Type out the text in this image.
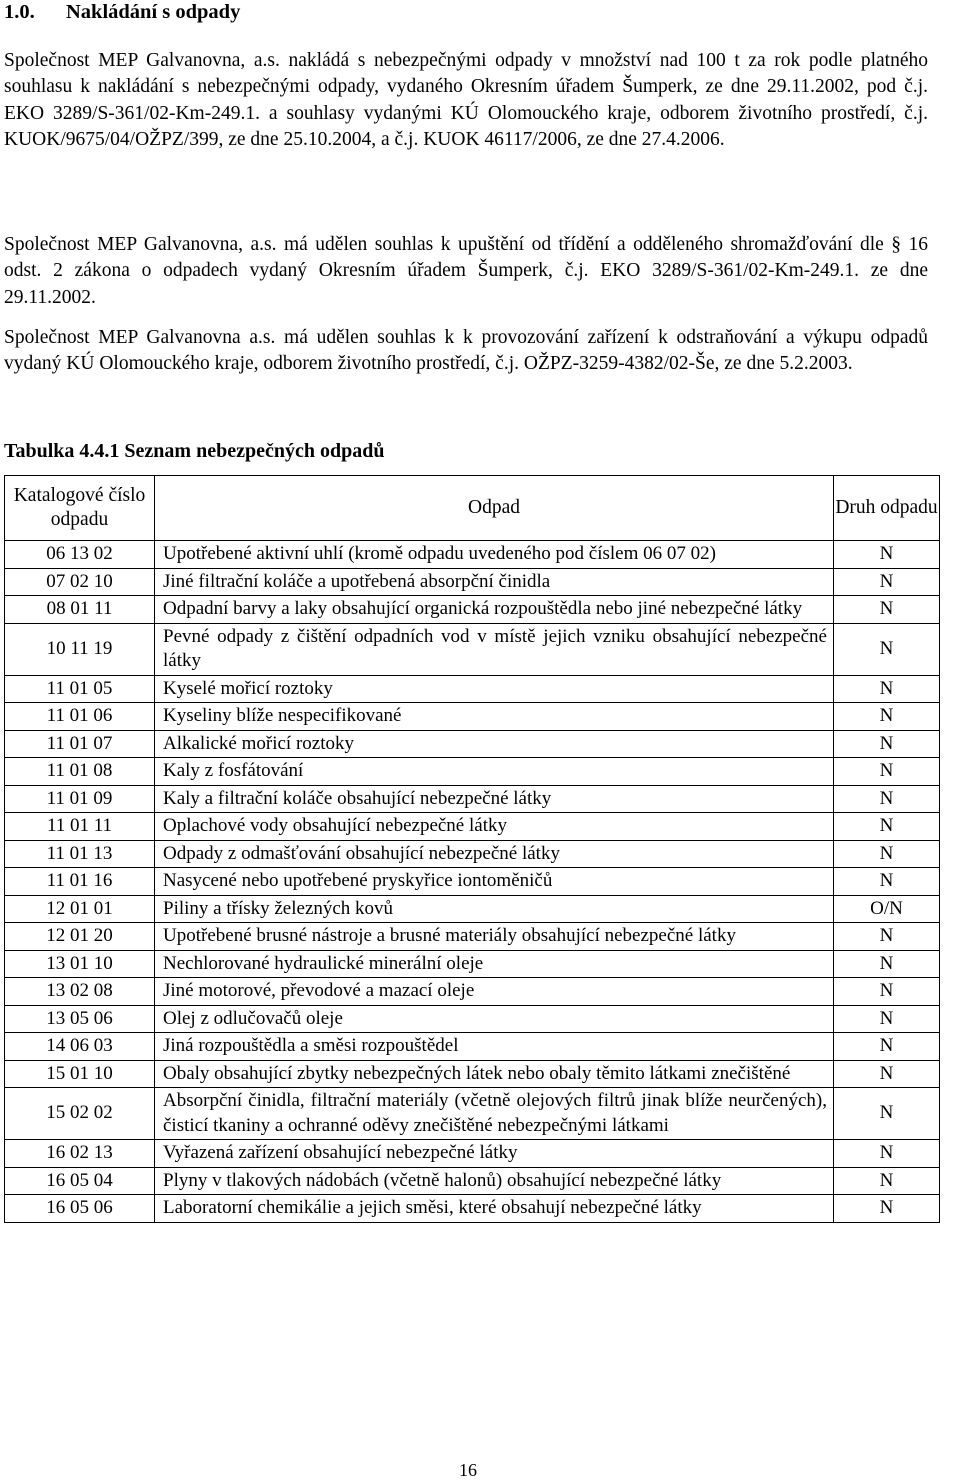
1.0. Nakládání s odpady

Společnost MEP Galvanovna, a.s. nakládá s nebezpečnými odpady v množství nad 100 t za rok podle platného souhlasu k nakládání s nebezpečnými odpady, vydaného Okresním úřadem Šumperk, ze dne 29.11.2002, pod č.j. EKO 3289/S-361/02-Km-249.1. a souhlasy vydanými KÚ Olomouckého kraje, odborem životního prostředí, č.j. KUOK/9675/04/OŽPZ/399, ze dne 25.10.2004, a č.j. KUOK 46117/2006, ze dne 27.4.2006.

Společnost MEP Galvanovna, a.s. má udělen souhlas k upuštění od třídění a odděleného shromažďování dle § 16 odst. 2 zákona o odpadech vydaný Okresním úřadem Šumperk, č.j. EKO 3289/S-361/02-Km-249.1. ze dne 29.11.2002.

Společnost MEP Galvanovna a.s. má udělen souhlas k k provozování zařízení k odstraňování a výkupu odpadů vydaný KÚ Olomouckého kraje, odborem životního prostředí, č.j. OŽPZ-3259-4382/02-Še, ze dne 5.2.2003.

Tabulka 4.4.1 Seznam nebezpečných odpadů
Katalogové číslo odpadu	Odpad	Druh odpadu
06 13 02	Upotřebené aktivní uhlí (kromě odpadu uvedeného pod číslem 06 07 02)	N
07 02 10	Jiné filtrační koláče a upotřebená absorpční činidla	N
08 01 11	Odpadní barvy a laky obsahující organická rozpouštědla nebo jiné nebezpečné látky	N
10 11 19	Pevné odpady z čištění odpadních vod v místě jejich vzniku obsahující nebezpečné látky	N
11 01 05	Kyselé mořicí roztoky	N
11 01 06	Kyseliny blíže nespecifikované	N
11 01 07	Alkalické mořicí roztoky	N
11 01 08	Kaly z fosfátování	N
11 01 09	Kaly a filtrační koláče obsahující nebezpečné látky	N
11 01 11	Oplachové vody obsahující nebezpečné látky	N
11 01 13	Odpady z odmašťování obsahující nebezpečné látky	N
11 01 16	Nasycené nebo upotřebené pryskyřice iontoměničů	N
12 01 01	Piliny a třísky železných kovů	O/N
12 01 20	Upotřebené brusné nástroje a brusné materiály obsahující nebezpečné látky	N
13 01 10	Nechlorované hydraulické minerální oleje	N
13 02 08	Jiné motorové, převodové a mazací oleje	N
13 05 06	Olej z odlučovačů oleje	N
14 06 03	Jiná rozpouštědla a směsi rozpouštědel	N
15 01 10	Obaly obsahující zbytky nebezpečných látek nebo obaly těmito látkami znečištěné	N
15 02 02	Absorpční činidla, filtrační materiály (včetně olejových filtrů jinak blíže neurčených), čisticí tkaniny a ochranné oděvy znečištěné nebezpečnými látkami	N
16 02 13	Vyřazená zařízení obsahující nebezpečné látky	N
16 05 04	Plyny v tlakových nádobách (včetně halonů) obsahující nebezpečné látky	N
16 05 06	Laboratorní chemikálie a jejich směsi, které obsahují nebezpečné látky	N
16
